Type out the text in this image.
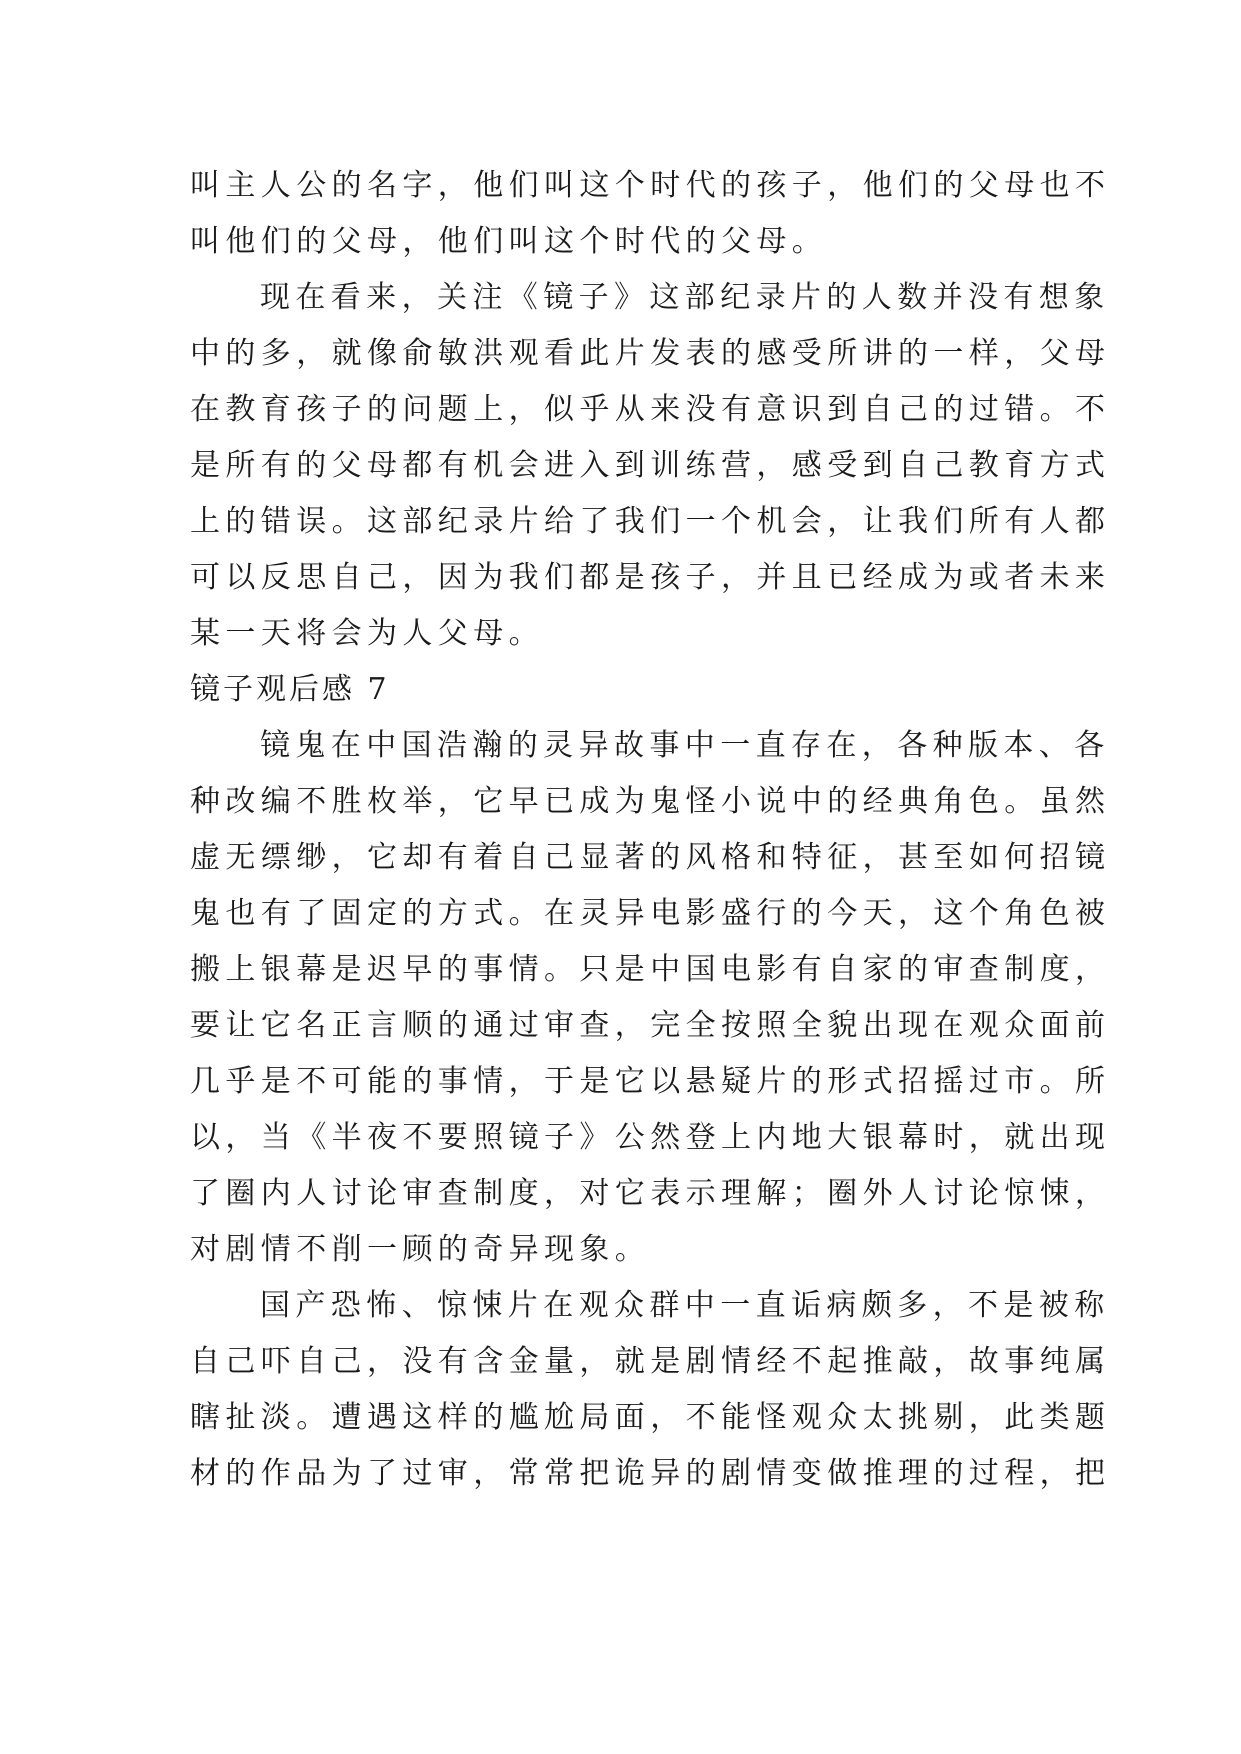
叫主人公的名字，他们叫这个时代的孩子，他们的父母也不
叫他们的父母，他们叫这个时代的父母。
现在看来，关注《镜子》这部纪录片的人数并没有想象
中的多，就像俞敏洪观看此片发表的感受所讲的一样，父母
在教育孩子的问题上，似乎从来没有意识到自己的过错。不
是所有的父母都有机会进入到训练营，感受到自己教育方式
上的错误。这部纪录片给了我们一个机会，让我们所有人都
可以反思自己，因为我们都是孩子，并且已经成为或者未来
某一天将会为人父母。
镜子观后感 7
镜鬼在中国浩瀚的灵异故事中一直存在，各种版本、各
种改编不胜枚举，它早已成为鬼怪小说中的经典角色。虽然
虚无缥缈，它却有着自己显著的风格和特征，甚至如何招镜
鬼也有了固定的方式。在灵异电影盛行的今天，这个角色被
搬上银幕是迟早的事情。只是中国电影有自家的审查制度，
要让它名正言顺的通过审查，完全按照全貌出现在观众面前
几乎是不可能的事情，于是它以悬疑片的形式招摇过市。所
以，当《半夜不要照镜子》公然登上内地大银幕时，就出现
了圈内人讨论审查制度，对它表示理解；圈外人讨论惊悚，
对剧情不削一顾的奇异现象。
国产恐怖、惊悚片在观众群中一直诟病颇多，不是被称
自己吓自己，没有含金量，就是剧情经不起推敲，故事纯属
瞎扯淡。遭遇这样的尴尬局面，不能怪观众太挑剔，此类题
材的作品为了过审，常常把诡异的剧情变做推理的过程，把
